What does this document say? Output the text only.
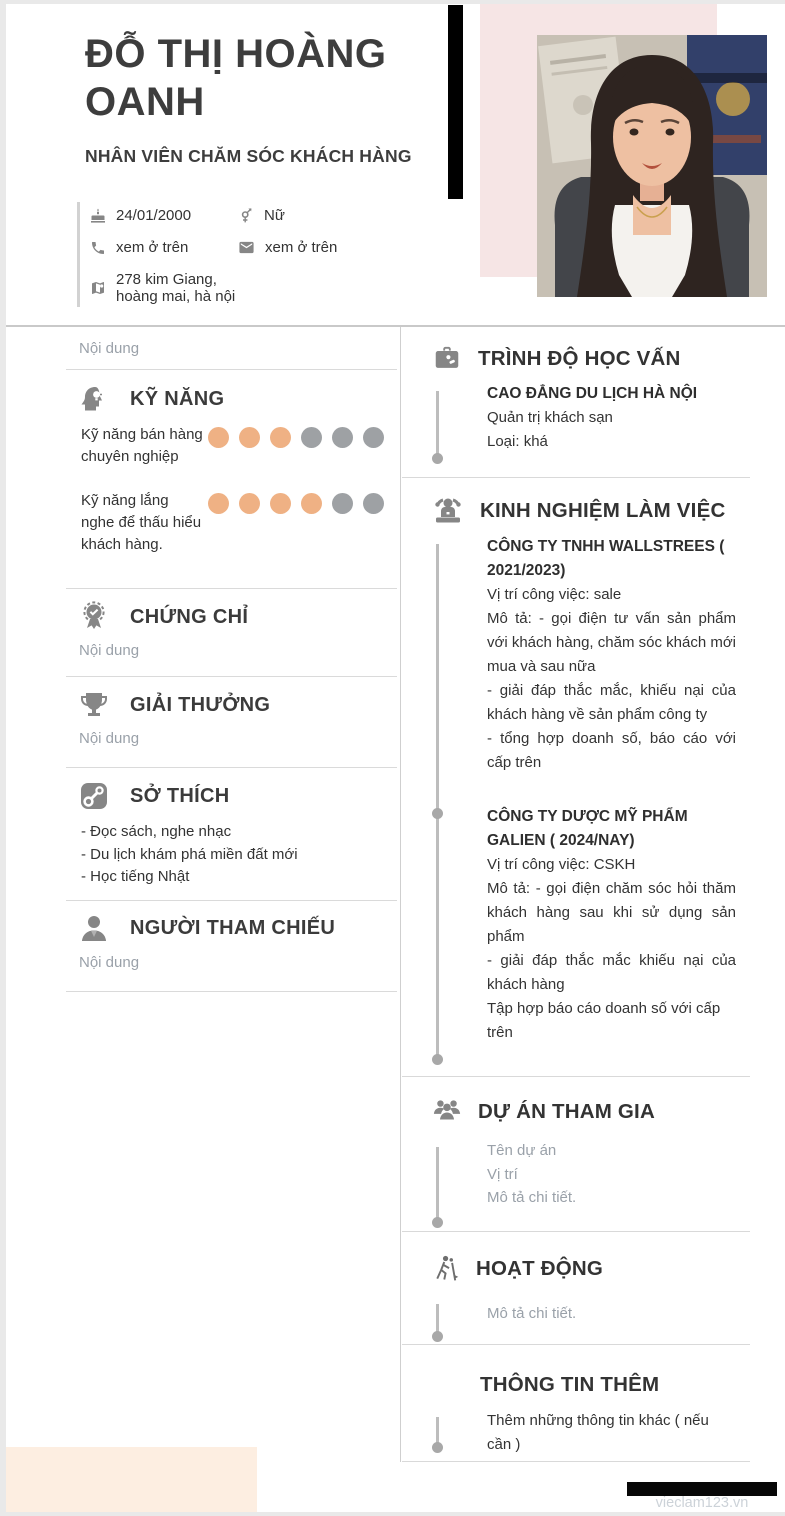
ĐỖ THỊ HOÀNG OANH
NHÂN VIÊN CHĂM SÓC KHÁCH HÀNG
24/01/2000	Nữ
xem ở trên	xem ở trên
278 kim Giang, hoàng mai, hà nội
Nội dung
KỸ NĂNG
Kỹ năng bán hàng chuyên nghiệp
Kỹ năng lắng nghe để thấu hiểu khách hàng.
CHỨNG CHỈ
Nội dung
GIẢI THƯỞNG
Nội dung
SỞ THÍCH
- Đọc sách, nghe nhạc
- Du lịch khám phá miền đất mới
- Học tiếng Nhật
NGƯỜI THAM CHIẾU
Nội dung
TRÌNH ĐỘ HỌC VẤN
CAO ĐẲNG DU LỊCH HÀ NỘI
Quản trị khách sạn
Loại: khá
KINH NGHIỆM LÀM VIỆC
CÔNG TY TNHH WALLSTREES ( 2021/2023)

Vị trí công việc: sale

Mô tả: - gọi điện tư vấn sản phẩm với khách hàng, chăm sóc khách mới mua và sau nữa

- giải đáp thắc mắc, khiếu nại của khách hàng về sản phẩm công ty

- tổng hợp doanh số, báo cáo với cấp trên

CÔNG TY DƯỢC MỸ PHẨM GALIEN ( 2024/NAY)

Vị trí công việc: CSKH

Mô tả: - gọi điện chăm sóc hỏi thăm khách hàng sau khi sử dụng sản phẩm

- giải đáp thắc mắc khiếu nại của khách hàng

Tập hợp báo cáo doanh số với cấp trên

DỰ ÁN THAM GIA
Tên dự án
Vị trí
Mô tả chi tiết.
HOẠT ĐỘNG
Mô tả chi tiết.
THÔNG TIN THÊM
Thêm những thông tin khác ( nếu cần )
vieclam123.vn
